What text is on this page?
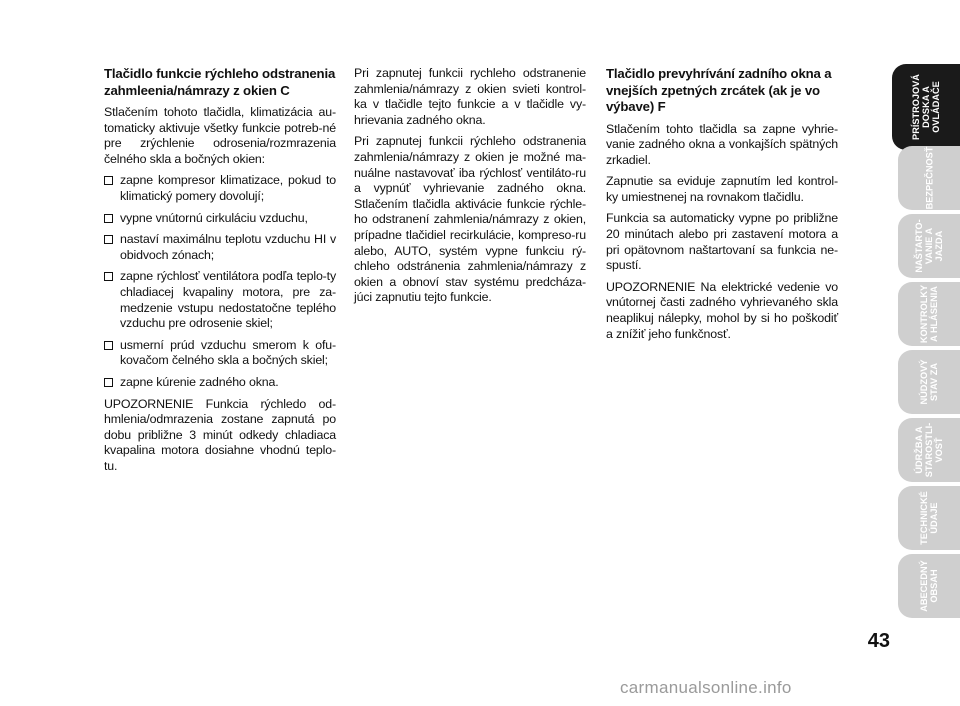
Tlačidlo funkcie rýchleho odstranenia zahmleenia/námrazy z okien C
Stlačením tohoto tlačidla, klimatizácia au-tomaticky aktivuje všetky funkcie potreb-né pre zrýchlenie odrosenia/rozmrazenia čelného skla a bočných okien:
zapne kompresor klimatizace, pokud to klimatický pomery dovolují;
vypne vnútornú cirkuláciu vzduchu,
nastaví maximálnu teplotu vzduchu HI v obidvoch zónach;
zapne rýchlosť ventilátora podľa teplo-ty chladiacej kvapaliny motora, pre za-medzenie vstupu nedostatočne teplého vzduchu pre odrosenie skiel;
usmerní prúd vzduchu smerom k ofu-kovačom čelného skla a bočných skiel;
zapne kúrenie zadného okna.
UPOZORNENIE Funkcia rýchledo od-hmlenia/odmrazenia zostane zapnutá po dobu približne 3 minút odkedy chladiaca kvapalina motora dosiahne vhodnú teplo-tu.
Pri zapnutej funkcii rychleho odstranenie zahmlenia/námrazy z okien svieti kontrol-ka v tlačidle tejto funkcie a v tlačidle vy-hrievania zadného okna.
Pri zapnutej funkcii rýchleho odstranenia zahmlenia/námrazy z okien je možné ma-nuálne nastavovať iba rýchlosť ventiláto-ru a vypnúť vyhrievanie zadného okna. Stlačením tlačidla aktivácie funkcie rýchle-ho odstranení zahmlenia/námrazy z okien, prípadne tlačidiel recirkulácie, kompreso-ru alebo, AUTO, systém vypne funkciu rý-chleho odstránenia zahmlenia/námrazy z okien a obnoví stav systému predcháza-júci zapnutiu tejto funkcie.
Tlačidlo prevyhrívání zadního okna a vnejších zpetných zrcátek (ak je vo výbave) F
Stlačením tohto tlačidla sa zapne vyhrie-vanie zadného okna a vonkajších spätných zrkadiel.
Zapnutie sa eviduje zapnutím led kontrol-ky umiestnenej na rovnakom tlačidlu.
Funkcia sa automaticky vypne po približne 20 minútach alebo pri zastavení motora a pri opätovnom naštartovaní sa funkcia ne-spustí.
UPOZORNENIE Na elektrické vedenie vo vnútornej časti zadného vyhrievaného skla neaplikuj nálepky, mohol by si ho poškodiť a znížiť jeho funkčnosť.
PRÍSTROJOVÁ
DOSKA A
OVLÁDAČE
BEZPEČNOSŤ
NAŠTARTO-
VANIE A
JAZDA
KONTROLKY
A HLÁSENIA
NÚDZOVÝ
STAV ZA
ÚDRŽBA A
STAROSTLI-
VOSŤ
TECHNICKÉ
ÚDAJE
ABECEDNÝ
OBSAH
43
carmanualsonline.info
